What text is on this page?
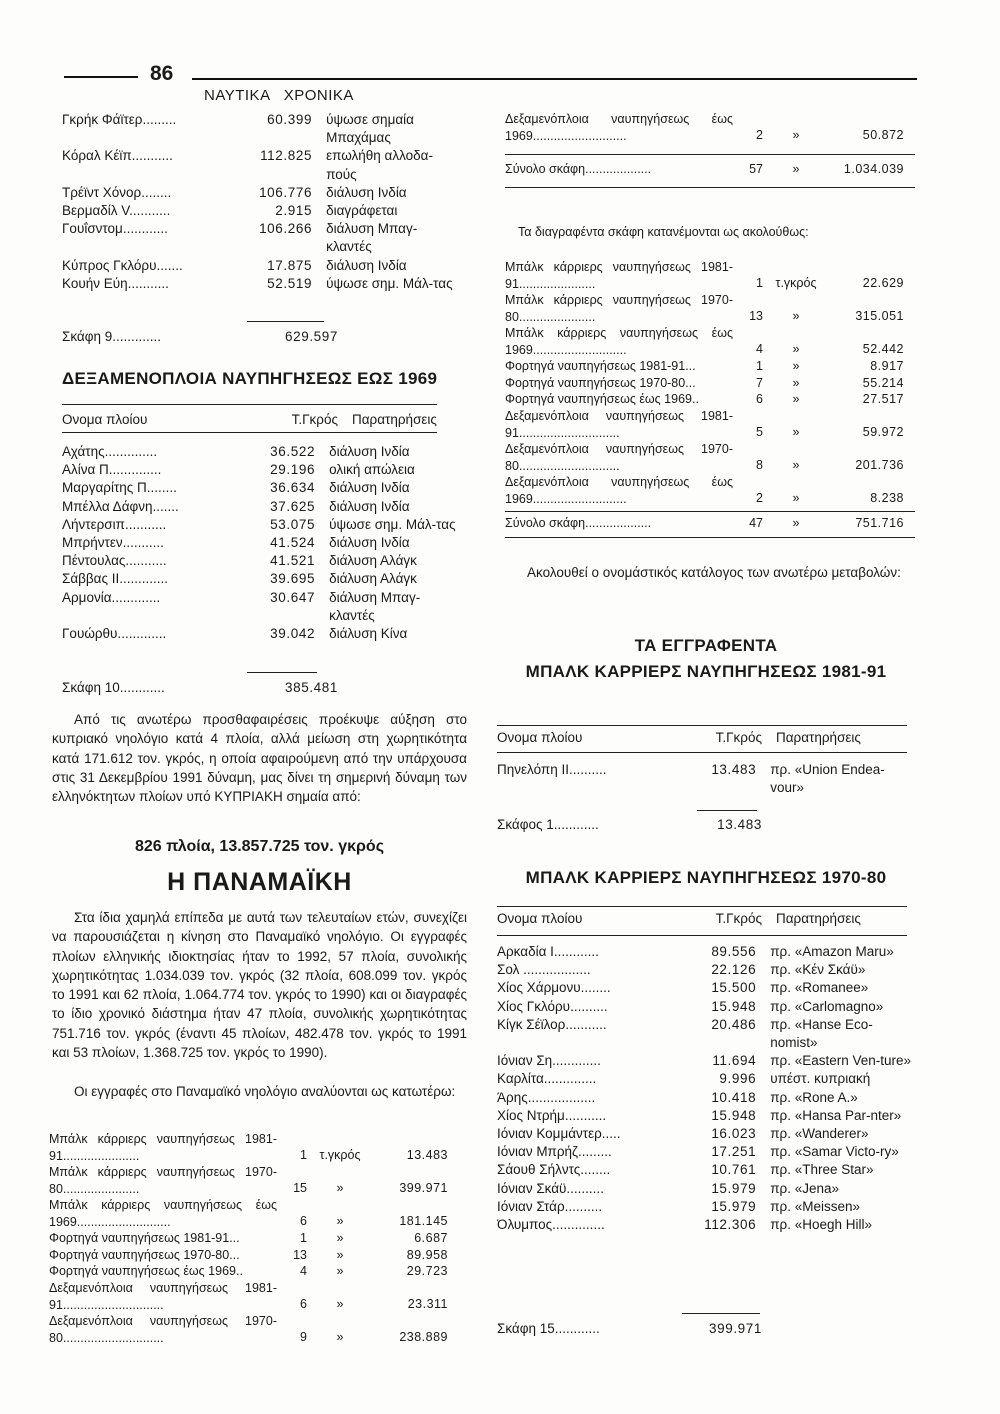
86
ΝΑΥΤΙΚΑ   ΧΡΟΝΙΚΑ
Γκρήκ Φάϊτερ.........	60.399	ύψωσε σημαία Μπαχάμας
Κόραλ Κέϊπ...........	112.825	επωλήθη αλλοδα-πούς
Τρέϊντ Χόνορ........	106.776	διάλυση Ινδία
Βερμαδίλ V...........	2.915	διαγράφεται
Γουΐσντομ............	106.266	διάλυση Μπαγ-κλαντές
Κύπρος Γκλόρυ.......	17.875	διάλυση Ινδία
Κουήν Εύη...........	52.519	ύψωσε σημ. Μάλ-τας
Σκάφη 9.............	629.597
ΔΕΞΑΜΕΝΟΠΛΟΙΑ ΝΑΥΠΗΓΗΣΕΩΣ ΕΩΣ 1969
Ονομα πλοίου	Τ.Γκρός	Παρατηρήσεις
Αχάτης..............	36.522	διάλυση Ινδία
Αλίνα Π..............	29.196	ολική απώλεια
Μαργαρίτης Π........	36.634	διάλυση Ινδία
Μπέλλα Δάφνη.......	37.625	διάλυση Ινδία
Λήντερσιπ...........	53.075	ύψωσε σημ. Μάλ-τας
Μπρήντεν...........	41.524	διάλυση Ινδία
Πέντουλας...........	41.521	διάλυση Αλάγκ
Σάββας ΙΙ.............	39.695	διάλυση Αλάγκ
Αρμονία.............	30.647	διάλυση Μπαγ-κλαντές
Γουώρθυ.............	39.042	διάλυση Κίνα
Σκάφη 10............	385.481
Από τις ανωτέρω προσθαφαιρέσεις προέκυψε αύξηση στο κυπριακό νηολόγιο κατά 4 πλοία, αλλά μείωση στη χωρητικότητα κατά 171.612 τον. γκρός, η οποία αφαιρούμενη από την υπάρχουσα στις 31 Δεκεμβρίου 1991 δύναμη, μας δίνει τη σημερινή δύναμη των ελληνόκτητων πλοίων υπό ΚΥΠΡΙΑΚΗ σημαία από:
826 πλοία, 13.857.725 τον. γκρός
Η ΠΑΝΑΜΑΪΚΗ
Στα ίδια χαμηλά επίπεδα με αυτά των τελευταίων ετών, συνεχίζει να παρουσιάζεται η κίνηση στο Παναμαϊκό νηολόγιο. Οι εγγραφές πλοίων ελληνικής ιδιοκτησίας ήταν το 1992, 57 πλοία, συνολικής χωρητικότητας 1.034.039 τον. γκρός (32 πλοία, 608.099 τον. γκρός το 1991 και 62 πλοία, 1.064.774 τον. γκρός το 1990) και οι διαγραφές το ίδιο χρονικό διάστημα ήταν 47 πλοία, συνολικής χωρητικότητας 751.716 τον. γκρός (έναντι 45 πλοίων, 482.478 τον. γκρός το 1991 και 53 πλοίων, 1.368.725 τον. γκρός το 1990).
Οι εγγραφές στο Παναμαϊκό νηολόγιο αναλύονται ως κατωτέρω:
Μπάλκ κάρριερς ναυπηγήσεως 1981-91......................	1	τ.γκρός	13.483
Μπάλκ κάρριερς ναυπηγήσεως 1970-80......................	15	»	399.971
Μπάλκ κάρριερς ναυπηγήσεως έως 1969...........................	6	»	181.145
Φορτηγά ναυπηγήσεως 1981-91...	1	»	6.687
Φορτηγά ναυπηγήσεως 1970-80...	13	»	89.958
Φορτηγά ναυπηγήσεως έως 1969..	4	»	29.723
Δεξαμενόπλοια ναυπηγήσεως 1981-91.............................	6	»	23.311
Δεξαμενόπλοια ναυπηγήσεως 1970-80.............................	9	»	238.889
Δεξαμενόπλοια ναυπηγήσεως έως 1969...........................	2	»	50.872
Σύνολο σκάφη...................	57	»	1.034.039
Τα διαγραφέντα σκάφη κατανέμονται ως ακολούθως:
Μπάλκ κάρριερς ναυπηγήσεως 1981-91......................	1	τ.γκρός	22.629
Μπάλκ κάρριερς ναυπηγήσεως 1970-80......................	13	»	315.051
Μπάλκ κάρριερς ναυπηγήσεως έως 1969...........................	4	»	52.442
Φορτηγά ναυπηγήσεως 1981-91...	1	»	8.917
Φορτηγά ναυπηγήσεως 1970-80...	7	»	55.214
Φορτηγά ναυπηγήσεως έως 1969..	6	»	27.517
Δεξαμενόπλοια ναυπηγήσεως 1981-91.............................	5	»	59.972
Δεξαμενόπλοια ναυπηγήσεως 1970-80.............................	8	»	201.736
Δεξαμενόπλοια ναυπηγήσεως έως 1969...........................	2	»	8.238
Σύνολο σκάφη...................	47	»	751.716
Ακολουθεί ο ονομάστικός κατάλογος των ανωτέρω μεταβολών:
ΤΑ ΕΓΓΡΑΦΕΝΤΑ
ΜΠΑΛΚ ΚΑΡΡΙΕΡΣ ΝΑΥΠΗΓΗΣΕΩΣ 1981-91
Ονομα πλοίου	Τ.Γκρός	Παρατηρήσεις
Πηνελόπη ΙΙ..........	13.483	πρ. «Union Endea-vour»
Σκάφος 1............	13.483
ΜΠΑΛΚ ΚΑΡΡΙΕΡΣ ΝΑΥΠΗΓΗΣΕΩΣ 1970-80
Ονομα πλοίου	Τ.Γκρός	Παρατηρήσεις
Αρκαδία Ι............	89.556	πρ. «Amazon Maru»
Σολ ..................	22.126	πρ. «Κέν Σκάϋ»
Χίος Χάρμονυ........	15.500	πρ. «Romanee»
Χίος Γκλόρυ..........	15.948	πρ. «Carlomagno»
Κίγκ Σέϊλορ...........	20.486	πρ. «Hanse Eco-nomist»
Ιόνιαν Ση.............	11.694	πρ. «Eastern Ven-ture»
Καρλίτα..............	9.996	υπέστ. κυπριακή
Άρης..................	10.418	πρ. «Rone A.»
Χίος Ντρήμ...........	15.948	πρ. «Hansa Par-nter»
Ιόνιαν Κομμάντερ.....	16.023	πρ. «Wanderer»
Ιόνιαν Μπρήζ.........	17.251	πρ. «Samar Victo-ry»
Σάουθ Σήλντς........	10.761	πρ. «Three Star»
Ιόνιαν Σκάϋ..........	15.979	πρ. «Jena»
Ιόνιαν Στάρ..........	15.979	πρ. «Meissen»
Όλυμπος..............	112.306	πρ. «Hoegh Hill»
Σκάφη 15............	399.971
